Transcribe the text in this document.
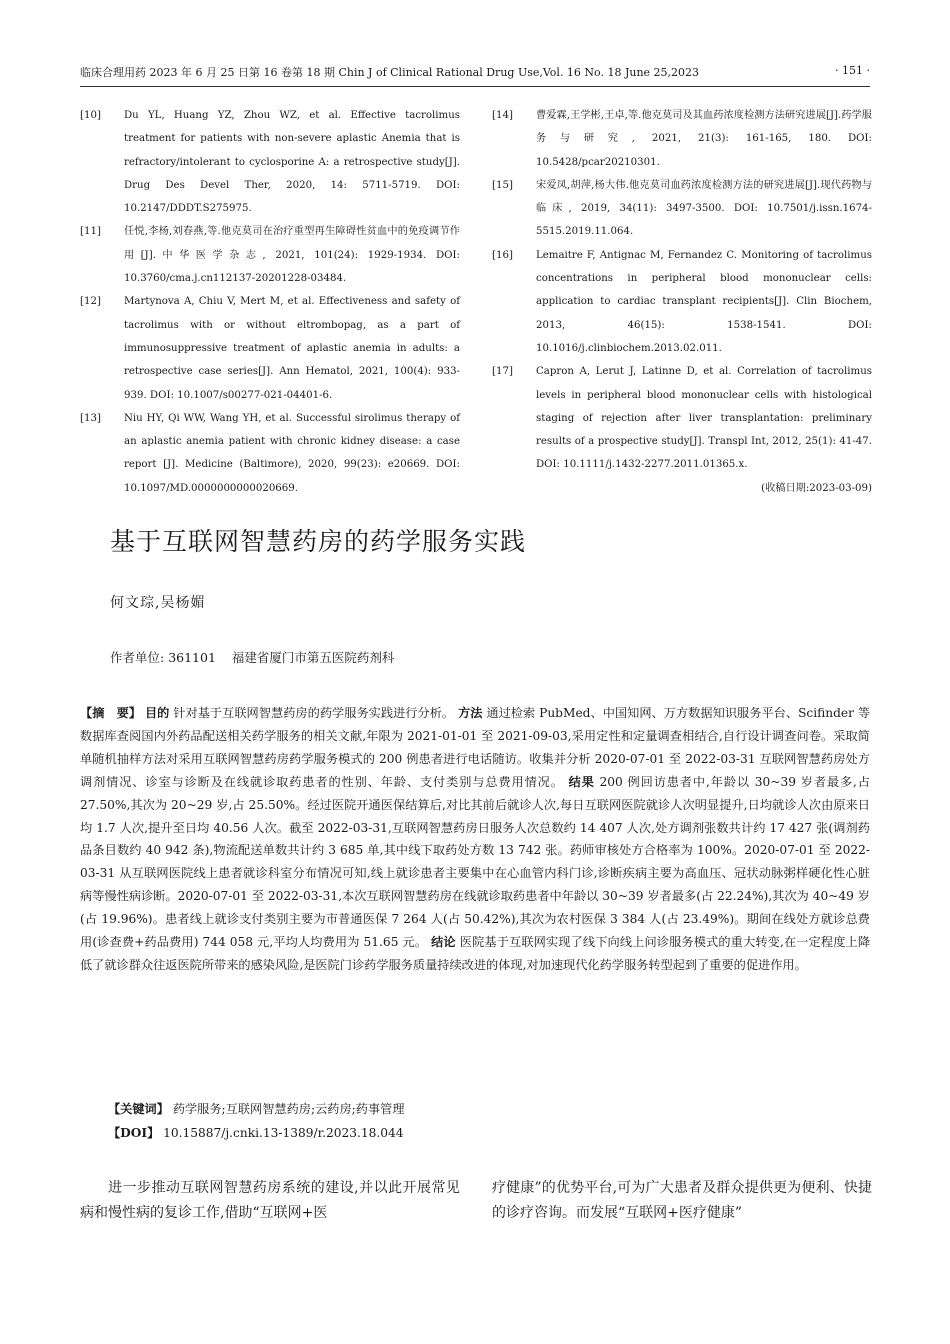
临床合理用药 2023 年 6 月 25 日第 16 卷第 18 期 Chin J of Clinical Rational Drug Use,Vol. 16 No. 18 June 25,2023	· 151 ·
[10] Du YL, Huang YZ, Zhou WZ, et al. Effective tacrolimus treatment for patients with non-severe aplastic Anemia that is refractory/intolerant to cyclosporine A: a retrospective study[J]. Drug Des Devel Ther, 2020, 14: 5711-5719. DOI: 10.2147/DDDT.S275975.
[11] 任悦,李杨,刘春燕,等.他克莫司在治疗重型再生障碍性贫血中的免疫调节作用[J].中华医学杂志, 2021, 101(24): 1929-1934. DOI: 10.3760/cma.j.cn112137-20201228-03484.
[12] Martynova A, Chiu V, Mert M, et al. Effectiveness and safety of tacrolimus with or without eltrombopag, as a part of immunosuppressive treatment of aplastic anemia in adults: a retrospective case series[J]. Ann Hematol, 2021, 100(4): 933-939. DOI: 10.1007/s00277-021-04401-6.
[13] Niu HY, Qi WW, Wang YH, et al. Successful sirolimus therapy of an aplastic anemia patient with chronic kidney disease: a case report [J]. Medicine (Baltimore), 2020, 99(23): e20669. DOI: 10.1097/MD.0000000000020669.
[14] 曹爱霖,王学彬,王卓,等.他克莫司及其血药浓度检测方法研究进展[J].药学服务与研究, 2021, 21(3): 161-165, 180. DOI: 10.5428/pcar20210301.
[15] 宋爱凤,胡萍,杨大伟.他克莫司血药浓度检测方法的研究进展[J].现代药物与临床, 2019, 34(11): 3497-3500. DOI: 10.7501/j.issn.1674-5515.2019.11.064.
[16] Lemaitre F, Antignac M, Fernandez C. Monitoring of tacrolimus concentrations in peripheral blood mononuclear cells: application to cardiac transplant recipients[J]. Clin Biochem, 2013, 46(15): 1538-1541. DOI: 10.1016/j.clinbiochem.2013.02.011.
[17] Capron A, Lerut J, Latinne D, et al. Correlation of tacrolimus levels in peripheral blood mononuclear cells with histological staging of rejection after liver transplantation: preliminary results of a prospective study[J]. Transpl Int, 2012, 25(1): 41-47. DOI: 10.1111/j.1432-2277.2011.01365.x.
(收稿日期:2023-03-09)
基于互联网智慧药房的药学服务实践
何文琮,吴杨媚
作者单位: 361101 福建省厦门市第五医院药剂科
【摘　要】 目的 针对基于互联网智慧药房的药学服务实践进行分析。 方法 通过检索 PubMed、中国知网、万方数据知识服务平台、Scifinder 等数据库查阅国内外药品配送相关药学服务的相关文献,年限为 2021-01-01 至 2021-09-03,采用定性和定量调查相结合,自行设计调查问卷。采取简单随机抽样方法对采用互联网智慧药房药学服务模式的 200 例患者进行电话随访。收集并分析 2020-07-01 至 2022-03-31 互联网智慧药房处方调剂情况、诊室与诊断及在线就诊取药患者的性别、年龄、支付类别与总费用情况。 结果 200 例回访患者中,年龄以 30~39 岁者最多,占 27.50%,其次为 20~29 岁,占 25.50%。经过医院开通医保结算后,对比其前后就诊人次,每日互联网医院就诊人次明显提升,日均就诊人次由原来日均 1.7 人次,提升至日均 40.56 人次。截至 2022-03-31,互联网智慧药房日服务人次总数约 14 407 人次,处方调剂张数共计约 17 427 张(调剂药品条目数约 40 942 条),物流配送单数共计约 3 685 单,其中线下取药处方数 13 742 张。药师审核处方合格率为 100%。2020-07-01 至 2022-03-31 从互联网医院线上患者就诊科室分布情况可知,线上就诊患者主要集中在心血管内科门诊,诊断疾病主要为高血压、冠状动脉粥样硬化性心脏病等慢性病诊断。2020-07-01 至 2022-03-31,本次互联网智慧药房在线就诊取药患者中年龄以 30~39 岁者最多(占 22.24%),其次为 40~49 岁(占 19.96%)。患者线上就诊支付类别主要为市普通医保 7 264 人(占 50.42%),其次为农村医保 3 384 人(占 23.49%)。期间在线处方就诊总费用(诊查费+药品费用) 744 058 元,平均人均费用为 51.65 元。 结论 医院基于互联网实现了线下向线上问诊服务模式的重大转变,在一定程度上降低了就诊群众往返医院所带来的感染风险,是医院门诊药学服务质量持续改进的体现,对加速现代化药学服务转型起到了重要的促进作用。
【关键词】 药学服务;互联网智慧药房;云药房;药事管理
【DOI】 10.15887/j.cnki.13-1389/r.2023.18.044
进一步推动互联网智慧药房系统的建设,并以此开展常见病和慢性病的复诊工作,借助“互联网+医
疗健康”的优势平台,可为广大患者及群众提供更为便利、快捷的诊疗咨询。而发展“互联网+医疗健康”
